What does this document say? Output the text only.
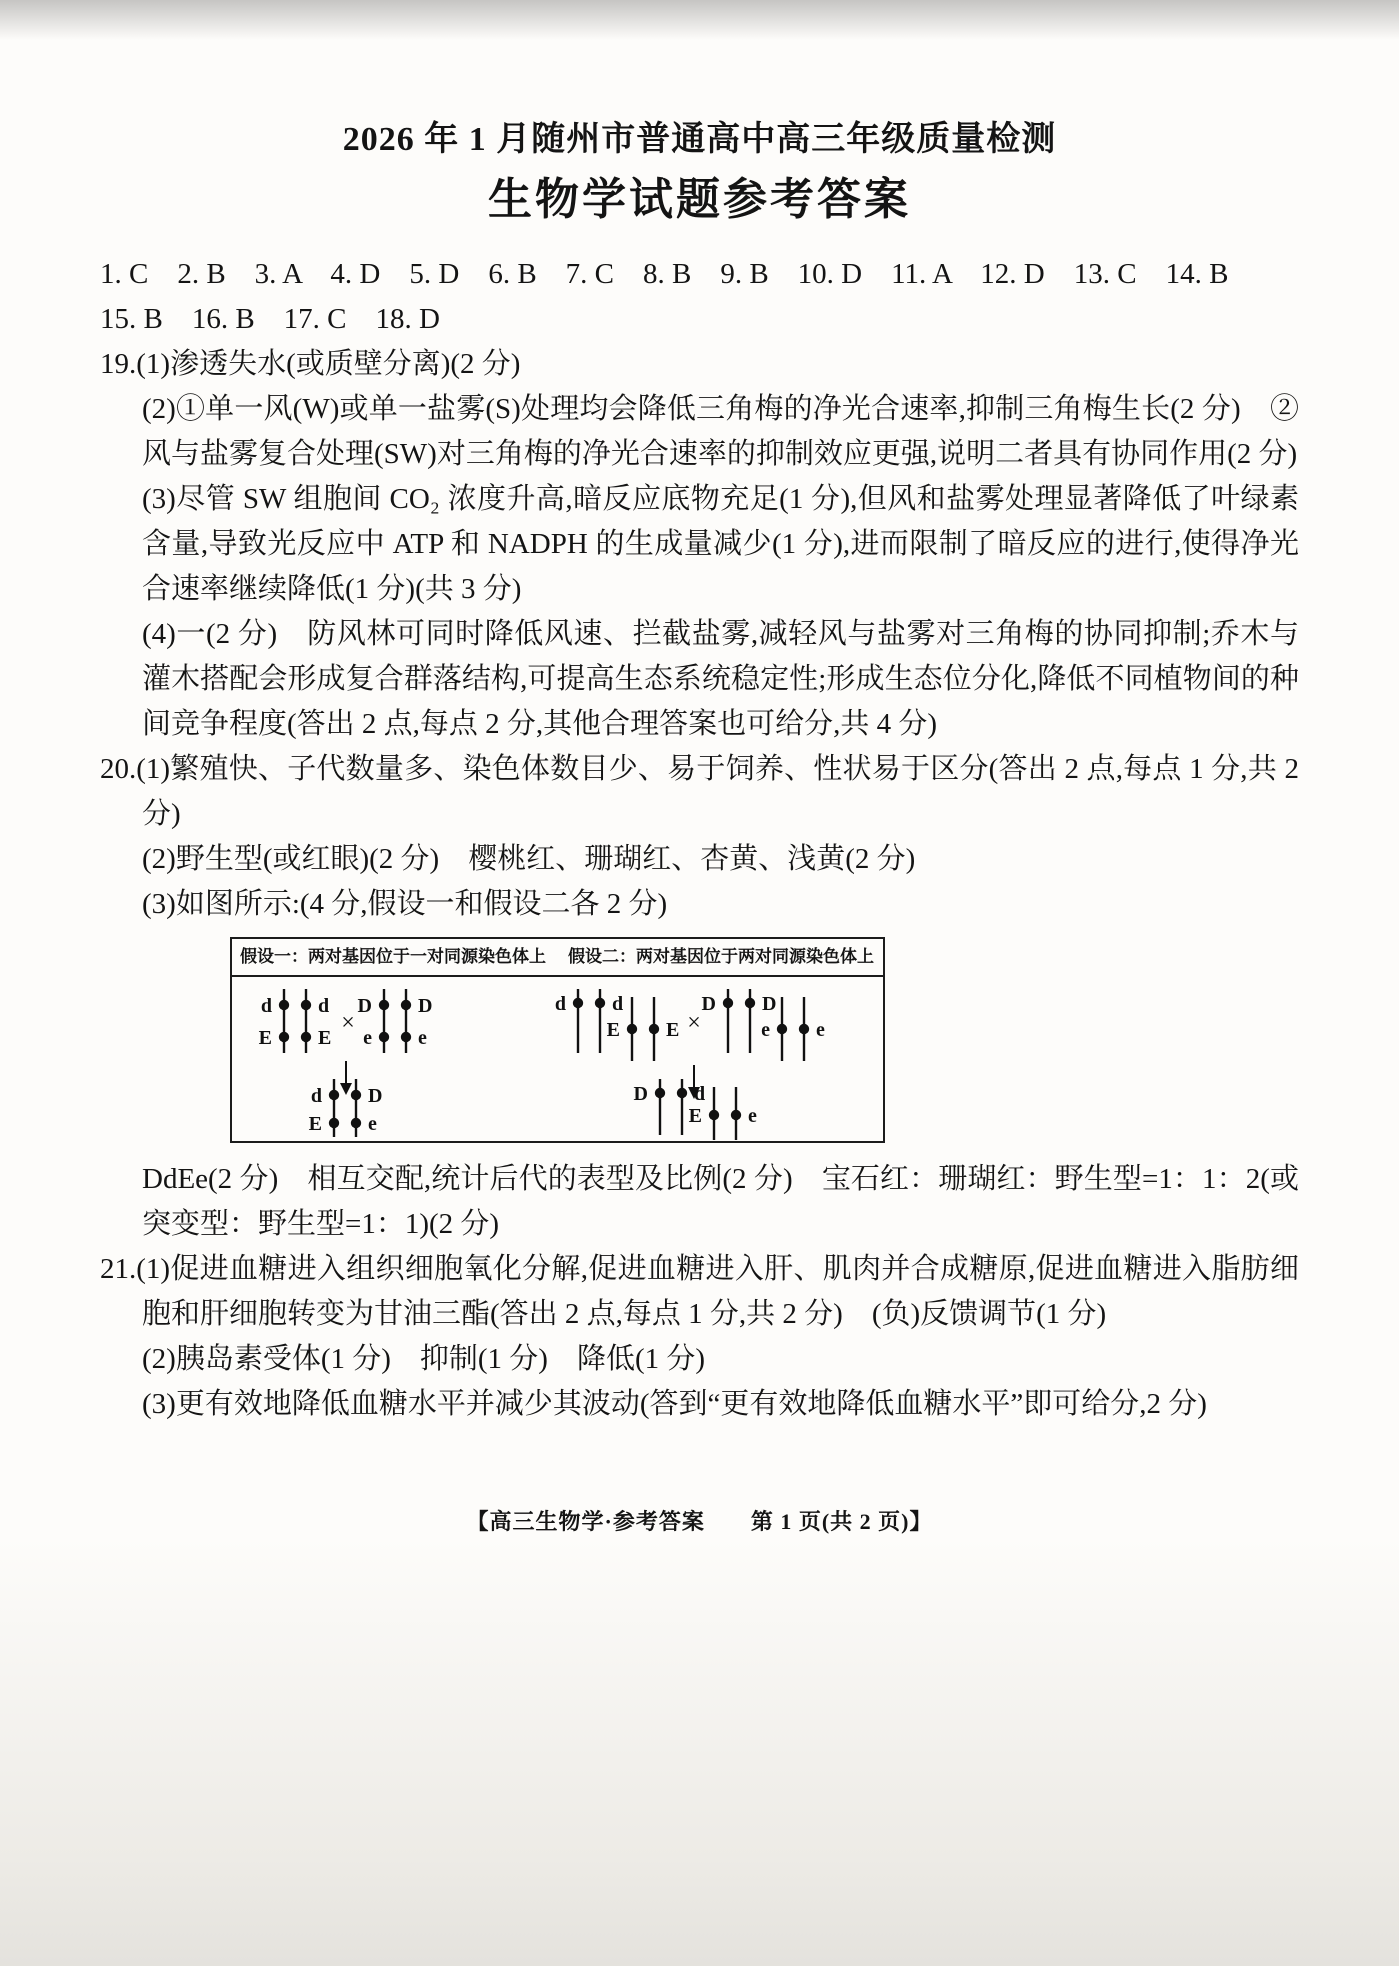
2026 年 1 月随州市普通高中高三年级质量检测
生物学试题参考答案

1. C　2. B　3. A　4. D　5. D　6. B　7. C　8. B　9. B　10. D　11. A　12. D　13. C　14. B

15. B　16. B　17. C　18. D

19.(1)渗透失水(或质壁分离)(2 分)

(2)①单一风(W)或单一盐雾(S)处理均会降低三角梅的净光合速率,抑制三角梅生长(2 分)　②风与盐雾复合处理(SW)对三角梅的净光合速率的抑制效应更强,说明二者具有协同作用(2 分)

(3)尽管 SW 组胞间 CO₂ 浓度升高,暗反应底物充足(1 分),但风和盐雾处理显著降低了叶绿素含量,导致光反应中 ATP 和 NADPH 的生成量减少(1 分),进而限制了暗反应的进行,使得净光合速率继续降低(1 分)(共 3 分)

(4)一(2 分)　防风林可同时降低风速、拦截盐雾,减轻风与盐雾对三角梅的协同抑制;乔木与灌木搭配会形成复合群落结构,可提高生态系统稳定性;形成生态位分化,降低不同植物间的种间竞争程度(答出 2 点,每点 2 分,其他合理答案也可给分,共 4 分)

20.(1)繁殖快、子代数量多、染色体数目少、易于饲养、性状易于区分(答出 2 点,每点 1 分,共 2 分)

(2)野生型(或红眼)(2 分)　樱桃红、珊瑚红、杏黄、浅黄(2 分)

(3)如图所示:(4 分,假设一和假设二各 2 分)

假设一：两对基因位于一对同源染色体上 假设二：两对基因位于两对同源染色体上
d d
E E
×
D D
e e
d D
E e
d d
E E ×
D D
e e
D d
E e

DdEe(2 分)　相互交配,统计后代的表型及比例(2 分)　宝石红：珊瑚红：野生型=1：1：2(或突变型：野生型=1：1)(2 分)

21.(1)促进血糖进入组织细胞氧化分解,促进血糖进入肝、肌肉并合成糖原,促进血糖进入脂肪细胞和肝细胞转变为甘油三酯(答出 2 点,每点 1 分,共 2 分)　(负)反馈调节(1 分)

(2)胰岛素受体(1 分)　抑制(1 分)　降低(1 分)

(3)更有效地降低血糖水平并减少其波动(答到“更有效地降低血糖水平”即可给分,2 分)

【高三生物学·参考答案　　第 1 页(共 2 页)】
